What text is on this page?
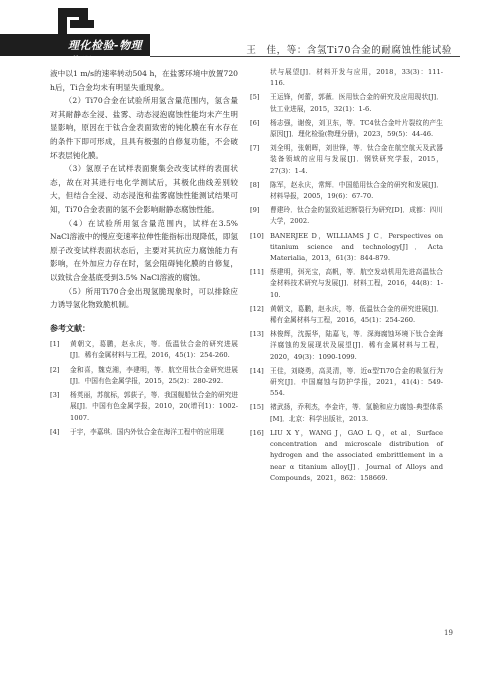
理化检验-物理分册
王　佳，等：含氢Ti70合金的耐腐蚀性能试验

液中以1 m/s的速率转动504 h，在盐雾环境中放置720 h后，Ti合金均未有明显失重现象。

（2）Ti70合金在试验所用氢含量范围内，氢含量对其耐静态全浸、盐雾、动态浸泡腐蚀性能均未产生明显影响，原因在于钛合金表面致密的钝化膜在有水存在的条件下即可形成，且具有极强的自修复功能，不会破坏表层钝化膜。

（3）氢原子在试样表面聚集会改变试样的表面状态，故在对其进行电化学测试后，其极化曲线差别较大，但结合全浸、动态浸泡和盐雾腐蚀性能测试结果可知，Ti70合金表面的氢不会影响耐静态腐蚀性能。

（4）在试验所用氢含量范围内，试样在3.5% NaCl溶液中的慢应变速率拉伸性能指标出现降低，即氢原子改变试样表面状态后，主要对其抗应力腐蚀能力有影响，在外加应力存在时，氢会阻碍钝化膜的自修复，以致钛合金基底受到3.5% NaCl溶液的腐蚀。

（5）所用Ti70合金出现氢脆现象时，可以排除应力诱导氢化物致脆机制。

参考文献：
[1] 黄朝文，葛鹏，赵永庆，等．低温钛合金的研究进展[J]．稀有金属材料与工程，2016，45(1)：254-260.
[2] 金和喜，魏克湘，李建明，等．航空用钛合金研究进展[J]．中国有色金属学报，2015，25(2)：280-292.
[3] 杨英丽，苏航标，郭荻子，等．我国舰船钛合金的研究进展[J]．中国有色金属学报，2010，20(增刊1)：1002-1007.
[4] 于宇，李嘉琪．国内外钛合金在海洋工程中的应用现
状与展望[J]．材料开发与应用，2018，33(3)：111-116.
[5] 王运锋，何蕾，郭薇．医用钛合金的研究及应用现状[J]．钛工业进展，2015，32(1)：1-6.
[6] 杨志强，谢俊，刘卫东，等．TC4钛合金叶片裂纹的产生原因[J]．理化检验(物理分册)，2023，59(5)：44-46.
[7] 刘全明，张朝晖，刘世锋，等．钛合金在航空航天及武器装备领域的应用与发展[J]．钢铁研究学报，2015，27(3)：1-4.
[8] 陈军，赵永庆，常辉．中国船用钛合金的研究和发展[J]．材料导报，2005，19(6)：67-70.
[9] 曹建玲．钛合金的氢致延迟断裂行为研究[D]．成都：四川大学，2002.
[10] BANERJEE D，WILLIAMS J C．Perspectives on titanium science and technology[J]．Acta Materialia，2013，61(3)：844-879.
[11] 蔡建明，弭光宝，高帆，等．航空发动机用先进高温钛合金材料技术研究与发展[J]．材料工程，2016，44(8)：1-10.
[12] 黄朝文，葛鹏，赵永庆，等．低温钛合金的研究进展[J]．稀有金属材料与工程，2016，45(1)：254-260.
[13] 林俊辉，沈振华，陆嘉飞，等．深海腐蚀环境下钛合金海洋腐蚀的发展现状及展望[J]．稀有金属材料与工程，2020，49(3)：1090-1099.
[14] 王佳，刘晓勇，高灵清，等．近α型Ti70合金的吸氢行为研究[J]．中国腐蚀与防护学报，2021，41(4)：549-554.
[15] 褚武扬，乔利杰，李金许，等．氢脆和应力腐蚀-典型体系[M]．北京：科学出版社，2013.
[16] LIU X Y，WANG J，GAO L Q，et al．Surface concentration and microscale distribution of hydrogen and the associated embrittlement in a near α titanium alloy[J]．Journal of Alloys and Compounds，2021，862：158669.
19
